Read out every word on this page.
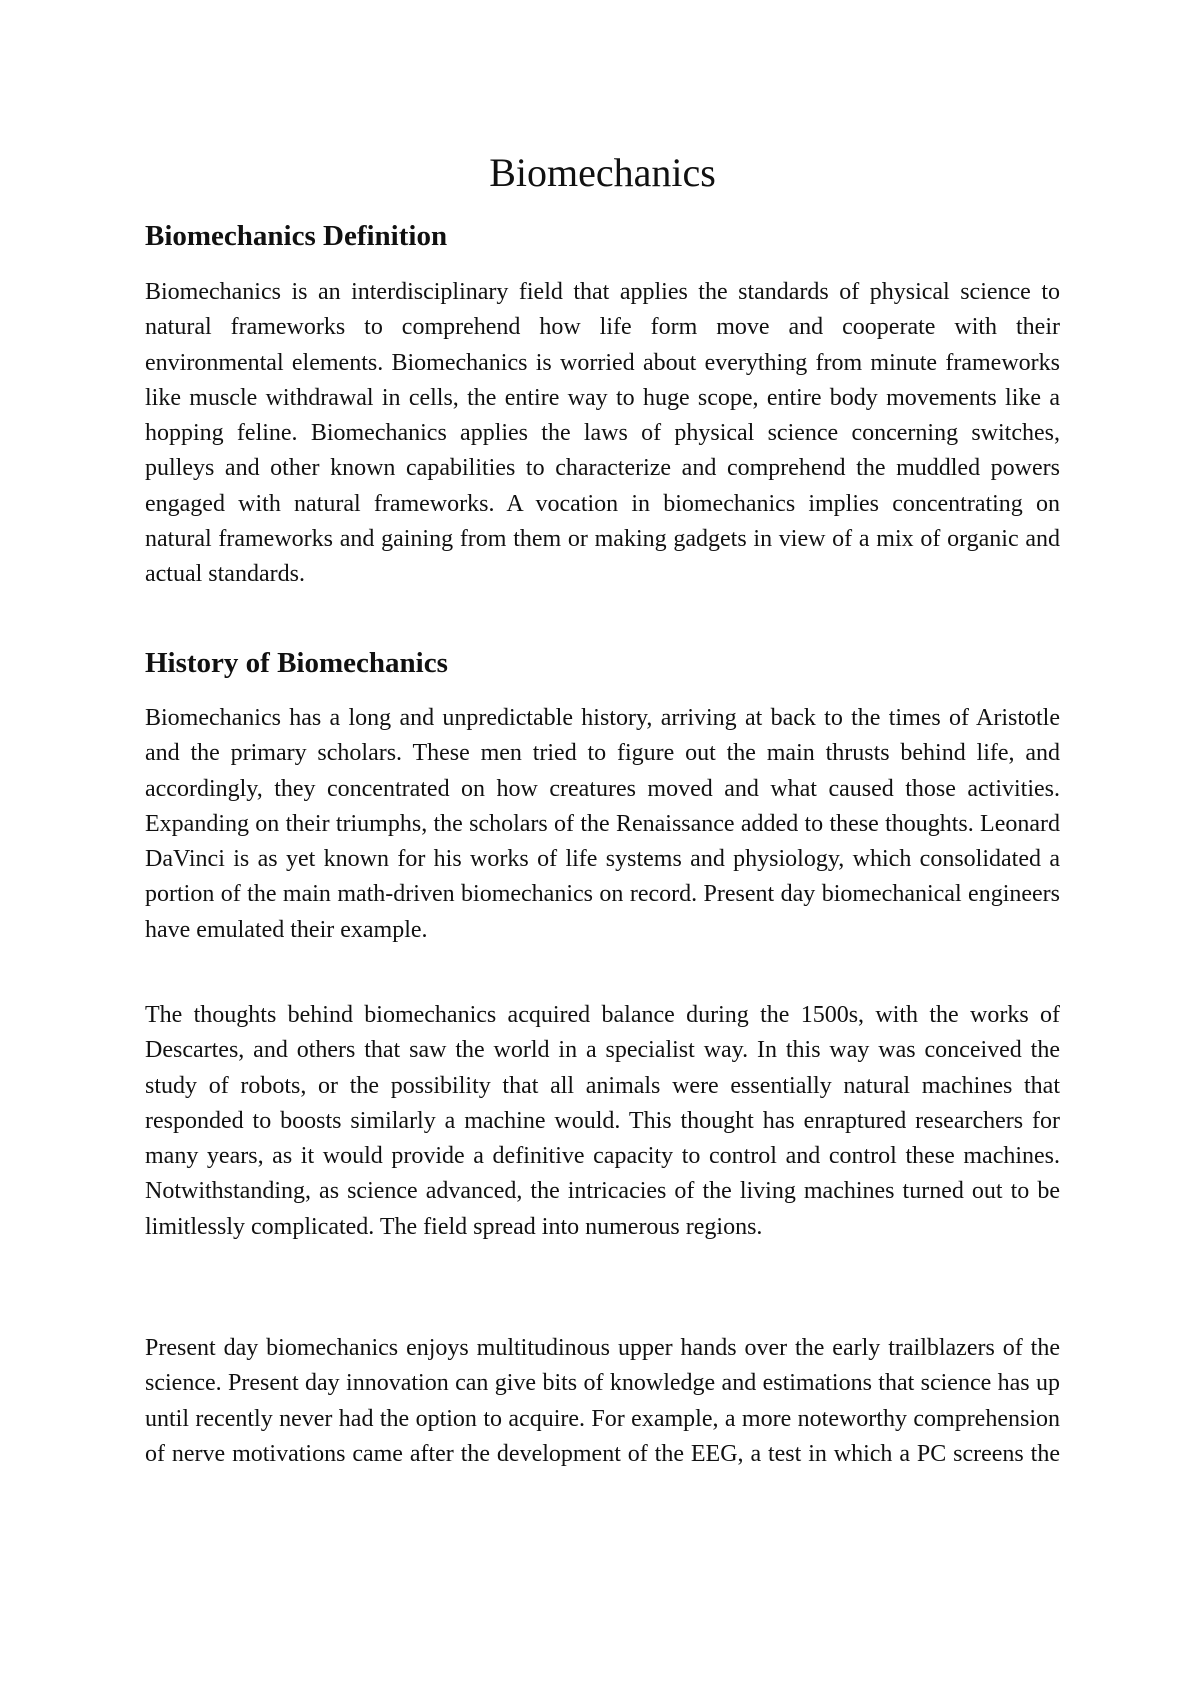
Biomechanics
Biomechanics Definition

Biomechanics is an interdisciplinary field that applies the standards of physical science to natural frameworks to comprehend how life form move and cooperate with their environmental elements. Biomechanics is worried about everything from minute frameworks like muscle withdrawal in cells, the entire way to huge scope, entire body movements like a hopping feline. Biomechanics applies the laws of physical science concerning switches, pulleys and other known capabilities to characterize and comprehend the muddled powers engaged with natural frameworks. A vocation in biomechanics implies concentrating on natural frameworks and gaining from them or making gadgets in view of a mix of organic and actual standards.

History of Biomechanics

Biomechanics has a long and unpredictable history, arriving at back to the times of Aristotle and the primary scholars. These men tried to figure out the main thrusts behind life, and accordingly, they concentrated on how creatures moved and what caused those activities. Expanding on their triumphs, the scholars of the Renaissance added to these thoughts. Leonard DaVinci is as yet known for his works of life systems and physiology, which consolidated a portion of the main math-driven biomechanics on record. Present day biomechanical engineers have emulated their example.

The thoughts behind biomechanics acquired balance during the 1500s, with the works of Descartes, and others that saw the world in a specialist way. In this way was conceived the study of robots, or the possibility that all animals were essentially natural machines that responded to boosts similarly a machine would. This thought has enraptured researchers for many years, as it would provide a definitive capacity to control and control these machines. Notwithstanding, as science advanced, the intricacies of the living machines turned out to be limitlessly complicated. The field spread into numerous regions.

Present day biomechanics enjoys multitudinous upper hands over the early trailblazers of the science. Present day innovation can give bits of knowledge and estimations that science has up until recently never had the option to acquire. For example, a more noteworthy comprehension of nerve motivations came after the development of the EEG, a test in which a PC screens the
